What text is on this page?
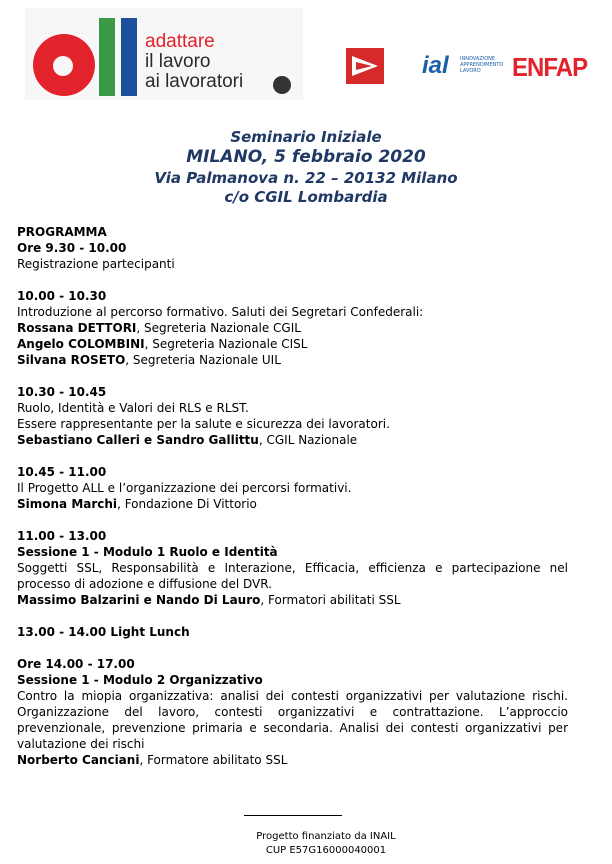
adattare
il lavoro
ai lavoratori
ial INNOVAZIONE APPRENDIMENTO LAVORO	ENFAP
Seminario Iniziale
MILANO, 5 febbraio 2020
Via Palmanova n. 22 – 20132 Milano
c/o CGIL Lombardia
PROGRAMMA
Ore 9.30 - 10.00
Registrazione partecipanti
10.00 - 10.30
Introduzione al percorso formativo. Saluti dei Segretari Confederali:
Rossana DETTORI, Segreteria Nazionale CGIL
Angelo COLOMBINI, Segreteria Nazionale CISL
Silvana ROSETO, Segreteria Nazionale UIL
10.30 - 10.45
Ruolo, Identità e Valori dei RLS e RLST.
Essere rappresentante per la salute e sicurezza dei lavoratori.
Sebastiano Calleri e Sandro Gallittu, CGIL Nazionale
10.45 - 11.00
Il Progetto ALL e l’organizzazione dei percorsi formativi.
Simona Marchi, Fondazione Di Vittorio
11.00 - 13.00
Sessione 1 - Modulo 1 Ruolo e Identità
Soggetti SSL, Responsabilità e Interazione, Efficacia, efficienza e partecipazione nel processo di adozione e diffusione del DVR.
Massimo Balzarini e Nando Di Lauro, Formatori abilitati SSL
13.00 - 14.00 Light Lunch
Ore 14.00 - 17.00
Sessione 1 - Modulo 2 Organizzativo
Contro la miopia organizzativa: analisi dei contesti organizzativi per valutazione rischi. Organizzazione del lavoro, contesti organizzativi e contrattazione. L’approccio prevenzionale, prevenzione primaria e secondaria. Analisi dei contesti organizzativi per valutazione dei rischi
Norberto Canciani, Formatore abilitato SSL
Progetto finanziato da INAIL
CUP E57G16000040001
